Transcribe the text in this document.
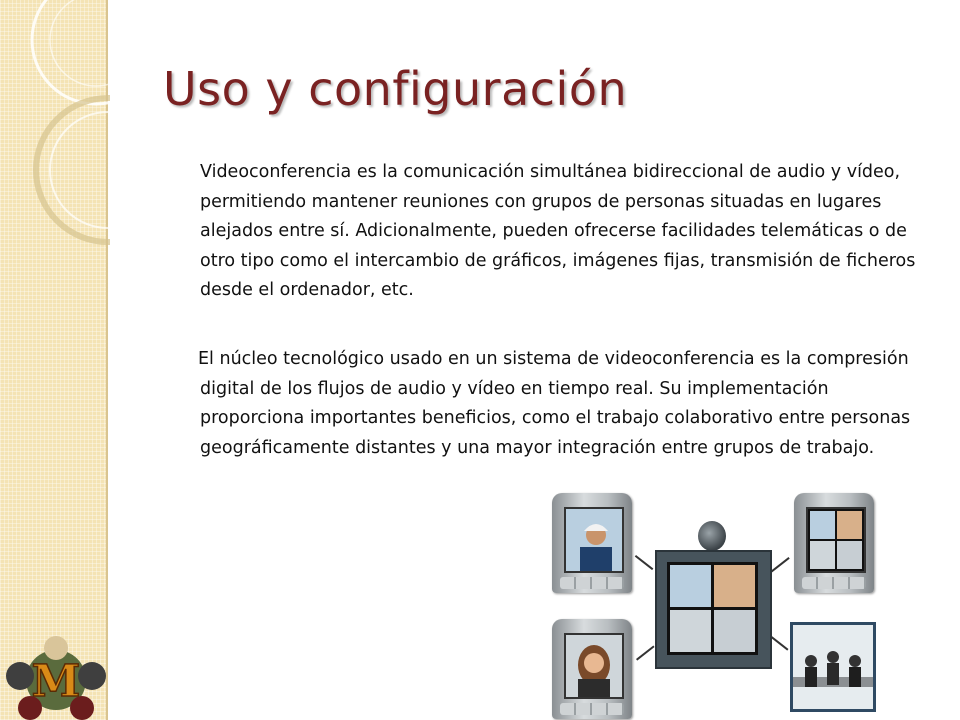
M
Uso y configuración

Videoconferencia es la comunicación simultánea bidireccional de audio y vídeo, permitiendo mantener reuniones con grupos de personas situadas en lugares alejados entre sí. Adicionalmente, pueden ofrecerse facilidades telemáticas o de otro tipo como el intercambio de gráficos, imágenes fijas, transmisión de ficheros desde el ordenador, etc.

El núcleo tecnológico usado en un sistema de videoconferencia es la compresión digital de los flujos de audio y vídeo en tiempo real. Su implementación proporciona importantes beneficios, como el trabajo colaborativo entre personas geográficamente distantes y una mayor integración entre grupos de trabajo.
